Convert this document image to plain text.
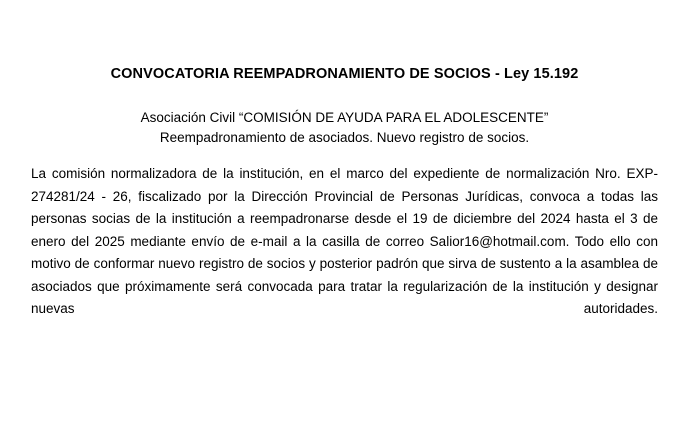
CONVOCATORIA REEMPADRONAMIENTO DE SOCIOS - Ley 15.192
Asociación Civil “COMISIÓN DE AYUDA PARA EL ADOLESCENTE”
Reempadronamiento de asociados. Nuevo registro de socios.

La comisión normalizadora de la institución, en el marco del expediente de normalización Nro. EXP-274281/24 - 26, fiscalizado por la Dirección Provincial de Personas Jurídicas, convoca a todas las personas socias de la institución a reempadronarse desde el 19 de diciembre del 2024 hasta el 3 de enero del 2025 mediante envío de e-mail a la casilla de correo Salior16@hotmail.com. Todo ello con motivo de conformar nuevo registro de socios y posterior padrón que sirva de sustento a la asamblea de asociados que próximamente será convocada para tratar la regularización de la institución y designar nuevas autoridades.
